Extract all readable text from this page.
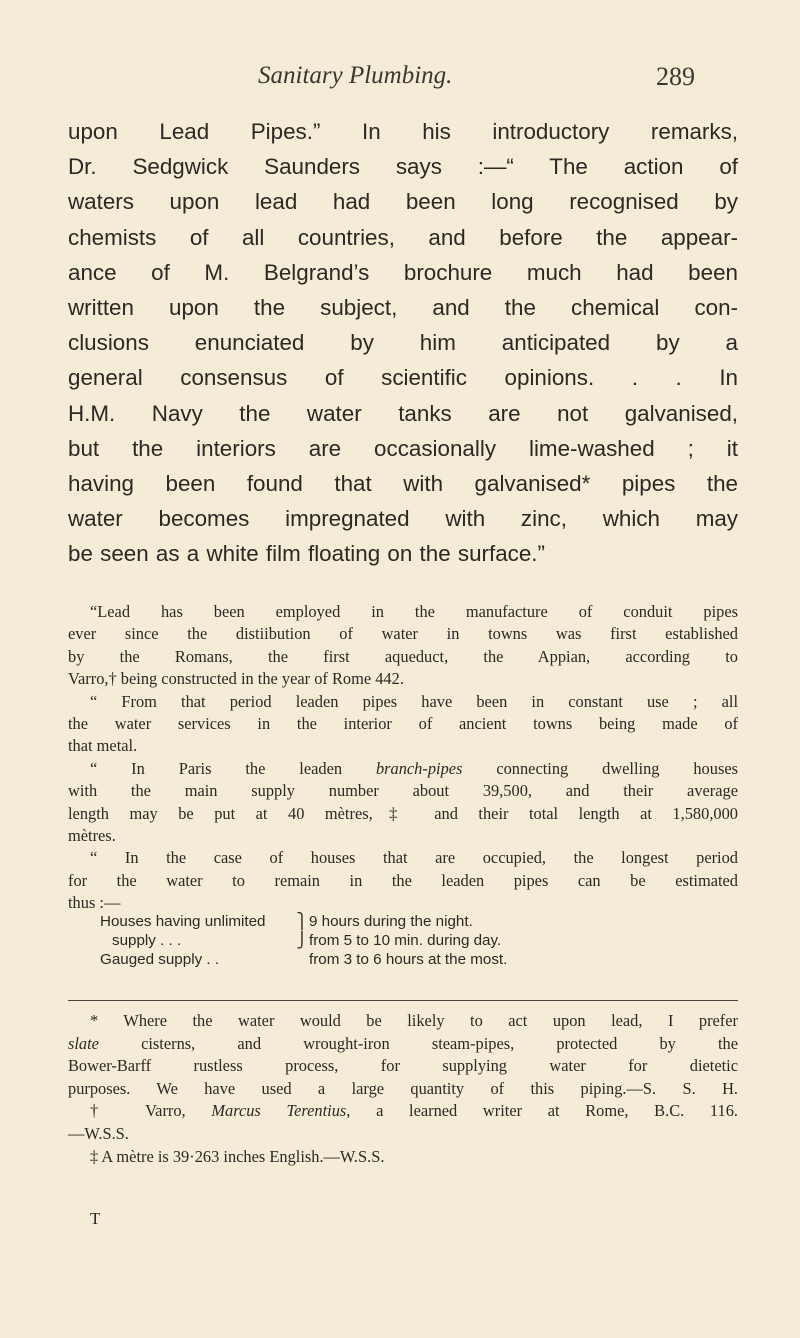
Sanitary Plumbing.	289
upon Lead Pipes.” In his introductory remarks,
Dr. Sedgwick Saunders says :—“ The action of
waters upon lead had been long recognised by
chemists of all countries, and before the appear-
ance of M. Belgrand’s brochure much had been
written upon the subject, and the chemical con-
clusions enunciated by him anticipated by a
general consensus of scientific opinions. . . In
H.M. Navy the water tanks are not galvanised,
but the interiors are occasionally lime-washed ; it
having been found that with galvanised* pipes the
water becomes impregnated with zinc, which may
be seen as a white film floating on the surface.”
“Lead has been employed in the manufacture of conduit pipes
ever since the distiibution of water in towns was first established
by the Romans, the first aqueduct, the Appian, according to
Varro,† being constructed in the year of Rome 442.
“ From that period leaden pipes have been in constant use ; all
the water services in the interior of ancient towns being made of
that metal.
“ In Paris the leaden branch-pipes connecting dwelling houses
with the main supply number about 39,500, and their average
length may be put at 40 mètres,‡ and their total length at 1,580,000
mètres.
“ In the case of houses that are occupied, the longest period
for the water to remain in the leaden pipes can be estimated
thus :—
Houses having unlimited	⎫ 9 hours during the night.
supply . . .	⎭ from 5 to 10 min. during day.
Gauged supply . .	from 3 to 6 hours at the most.
* Where the water would be likely to act upon lead, I prefer
slate cisterns, and wrought-iron steam-pipes, protected by the
Bower-Barff rustless process, for supplying water for dietetic
purposes. We have used a large quantity of this piping.—S. S. H.
† Varro, Marcus Terentius, a learned writer at Rome, B.C. 116.
—W.S.S.
‡ A mètre is 39·263 inches English.—W.S.S.
T
